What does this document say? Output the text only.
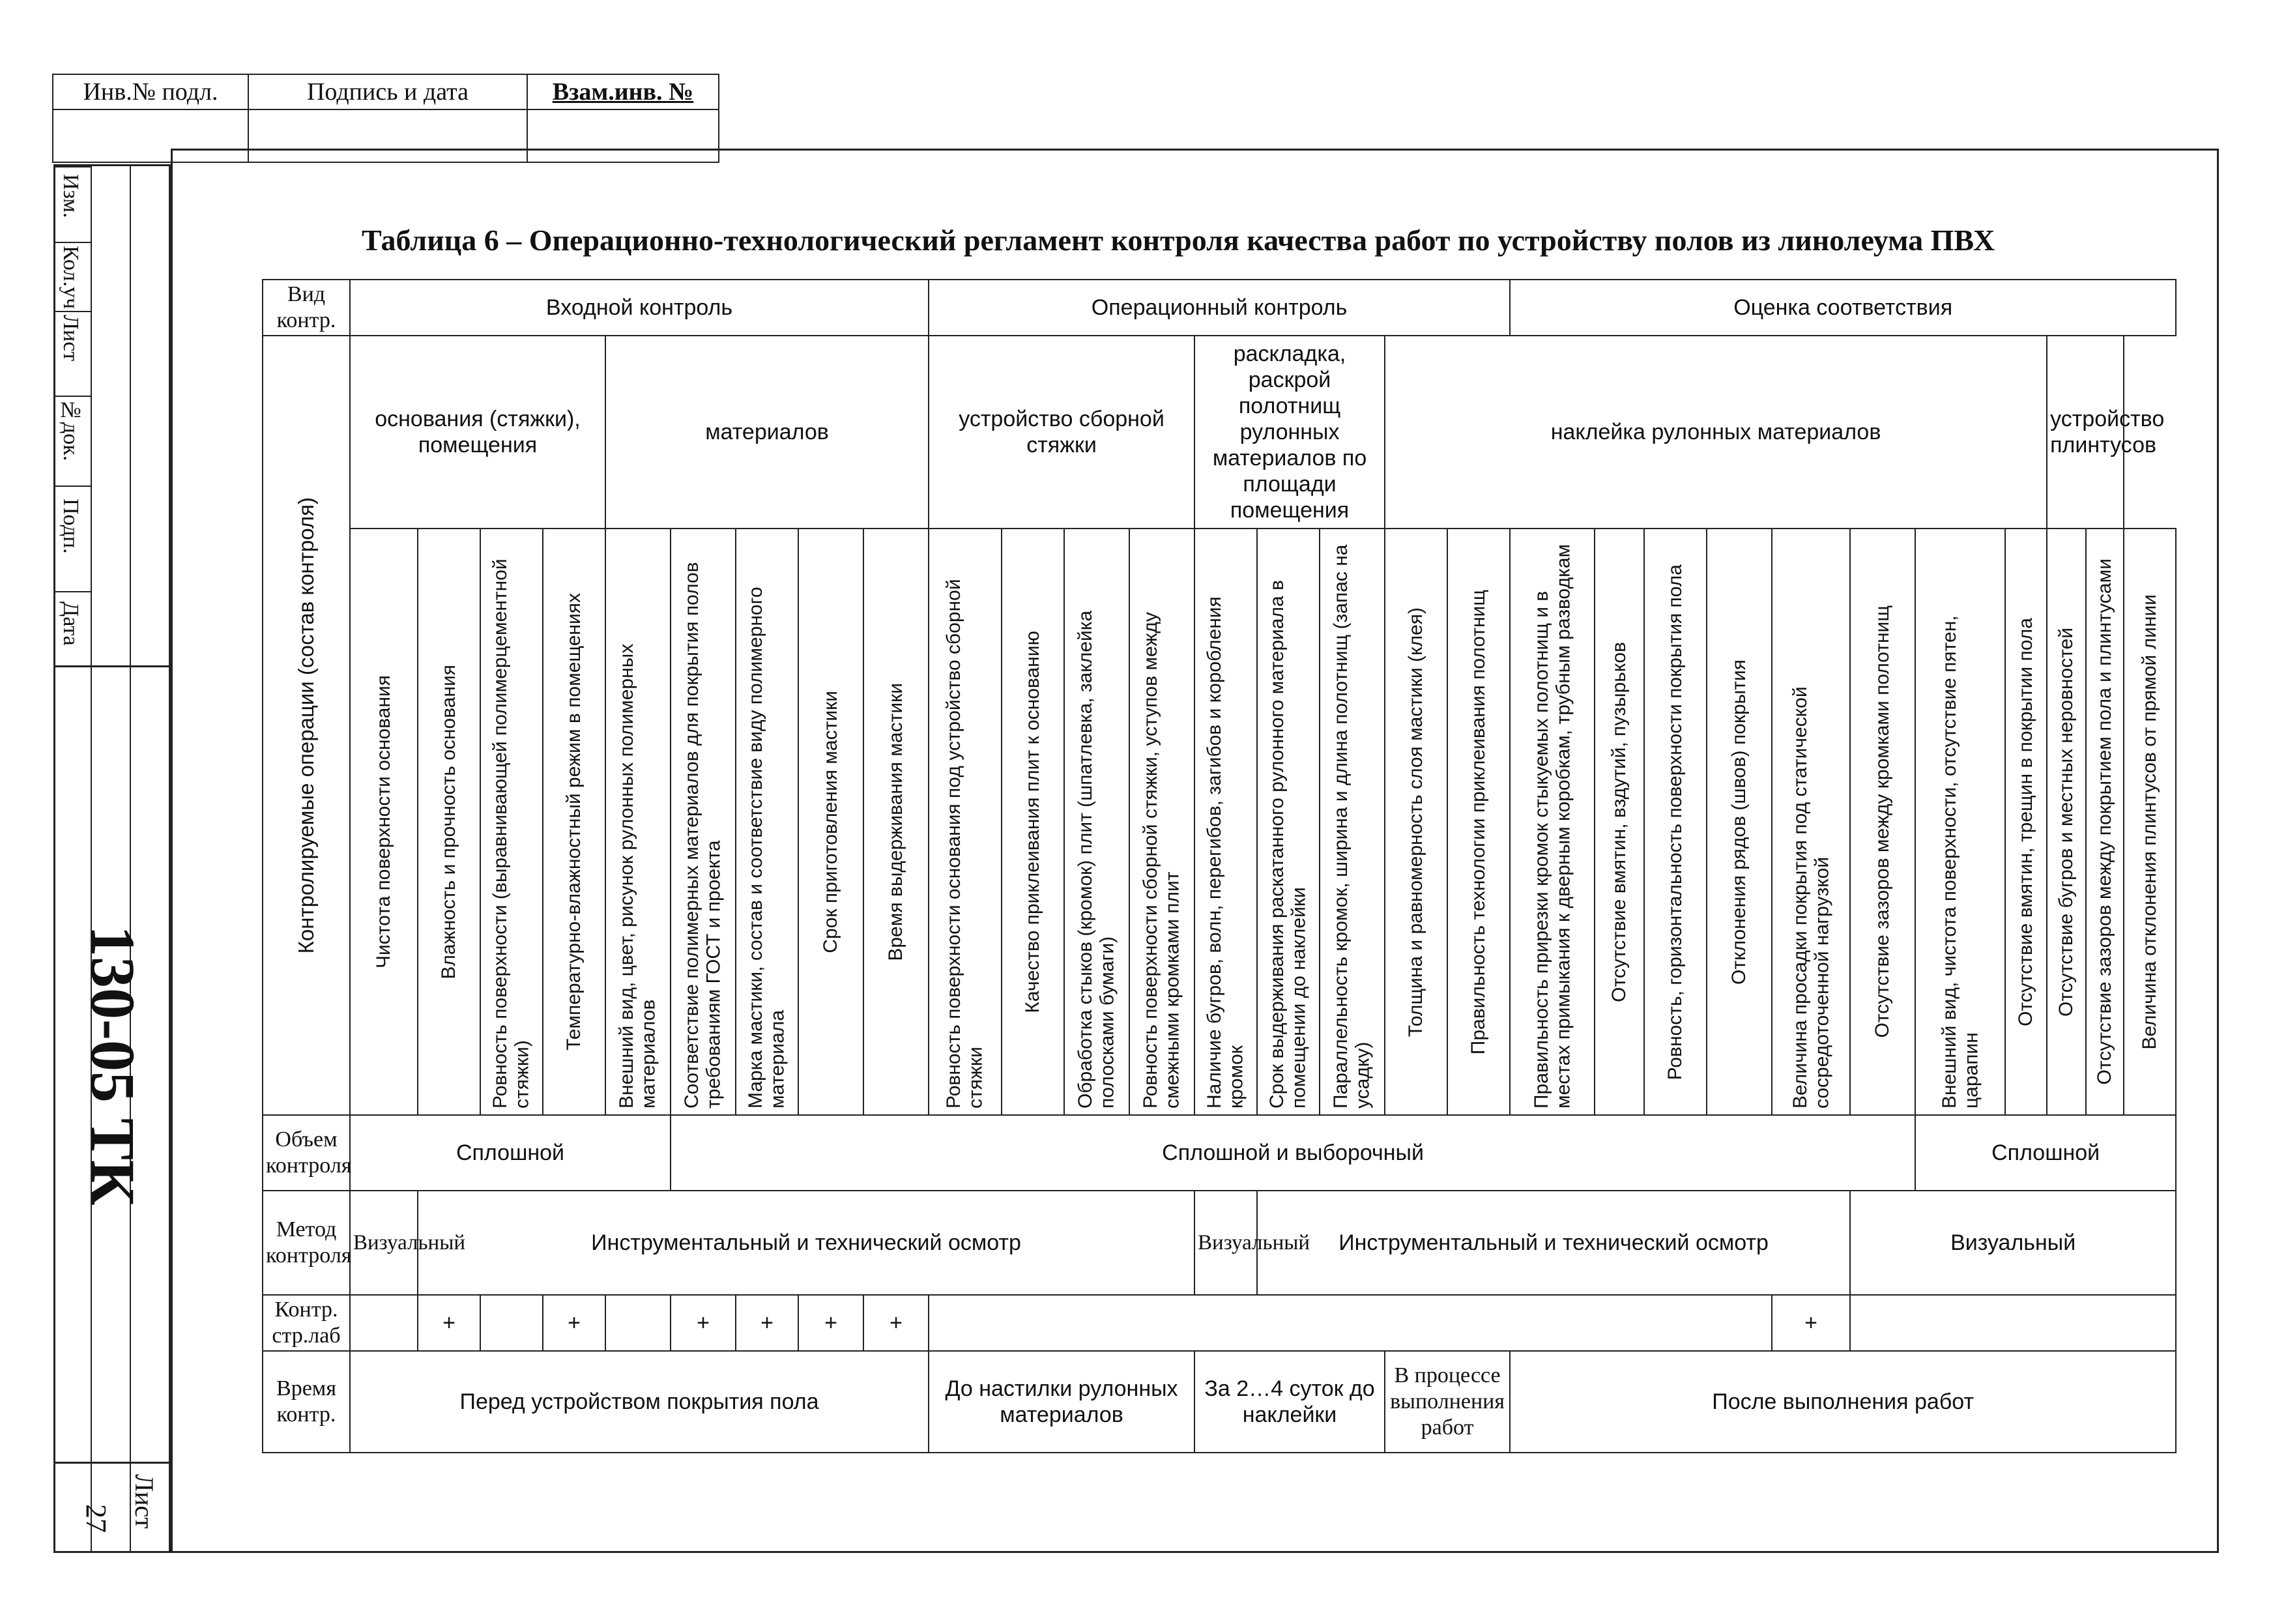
Инв.№ подл.	Подпись и дата	Взам.инв. №
Изм.
Кол.уч
Лист
№док.
Подп.
Дата
130-05 ТК
Лист
27
Таблица 6 – Операционно-технологический регламент контроля качества работ по устройству полов из линолеума ПВХ
Вид контр.	Входной контроль									Операционный контроль									Оценка соответствия										

Контролируемые операции (состав контроля)	основания (стяжки), помещения				материалов					устройство сборной стяжки				раскладка, раскрой полотнищ рулонных материалов по площади помещения			наклейка рулонных материалов										устройство плинтусов		

	Чистота поверхности основания	Влажность и прочность основания	Ровность поверхности (выравнивающей полимерцементной стяжки)	Температурно-влажностный режим в помещениях	Внешний вид, цвет, рисунок рулонных полимерных материалов	Соответствие полимерных материалов для покрытия полов требованиям ГОСТ и проекта	Марка мастики, состав и соответствие виду полимерного материала	Срок приготовления мастики	Время выдерживания мастики	Ровность поверхности основания под устройство сборной стяжки	Качество приклеивания плит к основанию	Обработка стыков (кромок) плит (шпатлевка, заклейка полосками бумаги)	Ровность поверхности сборной стяжки, уступов между смежными кромками плит	Наличие бугров, волн, перегибов, загибов и коробления кромок	Срок выдерживания раскатанного рулонного материала в помещении до наклейки	Параллельность кромок, ширина и длина полотнищ (запас на усадку)	Толщина и равномерность слоя мастики (клея)	Правильность технологии приклеивания полотнищ	Правильность прирезки кромок стыкуемых полотнищ и в местах примыкания к дверным коробкам, трубным разводкам	Отсутствие вмятин, вздутий, пузырьков	Ровность, горизонтальность поверхности покрытия пола	Отклонения рядов (швов) покрытия	Величина просадки покрытия под статической сосредоточенной нагрузкой	Отсутствие зазоров между кромками полотнищ	Внешний вид, чистота поверхности, отсутствие пятен, царапин	Отсутствие вмятин, трещин в покрытии пола	Отсутствие бугров и местных неровностей	Отсутствие зазоров между покрытием пола и плинтусами	Величина отклонения плинтусов от прямой линии

Объем контроля	Сплошной					Сплошной и выборочный																			Сплошной				
Метод контроля	Визуальный	Инструментальный и технический осмотр												Визуальный	Инструментальный и технический осмотр									Визуальный					
Контр. стр.лаб		+		+		+	+	+	+														+						
Время контр.	Перед устройством покрытия пола									До настилки рулонных материалов				За 2…4 суток до наклейки			В процессе выполнения работ		После выполнения работ										
